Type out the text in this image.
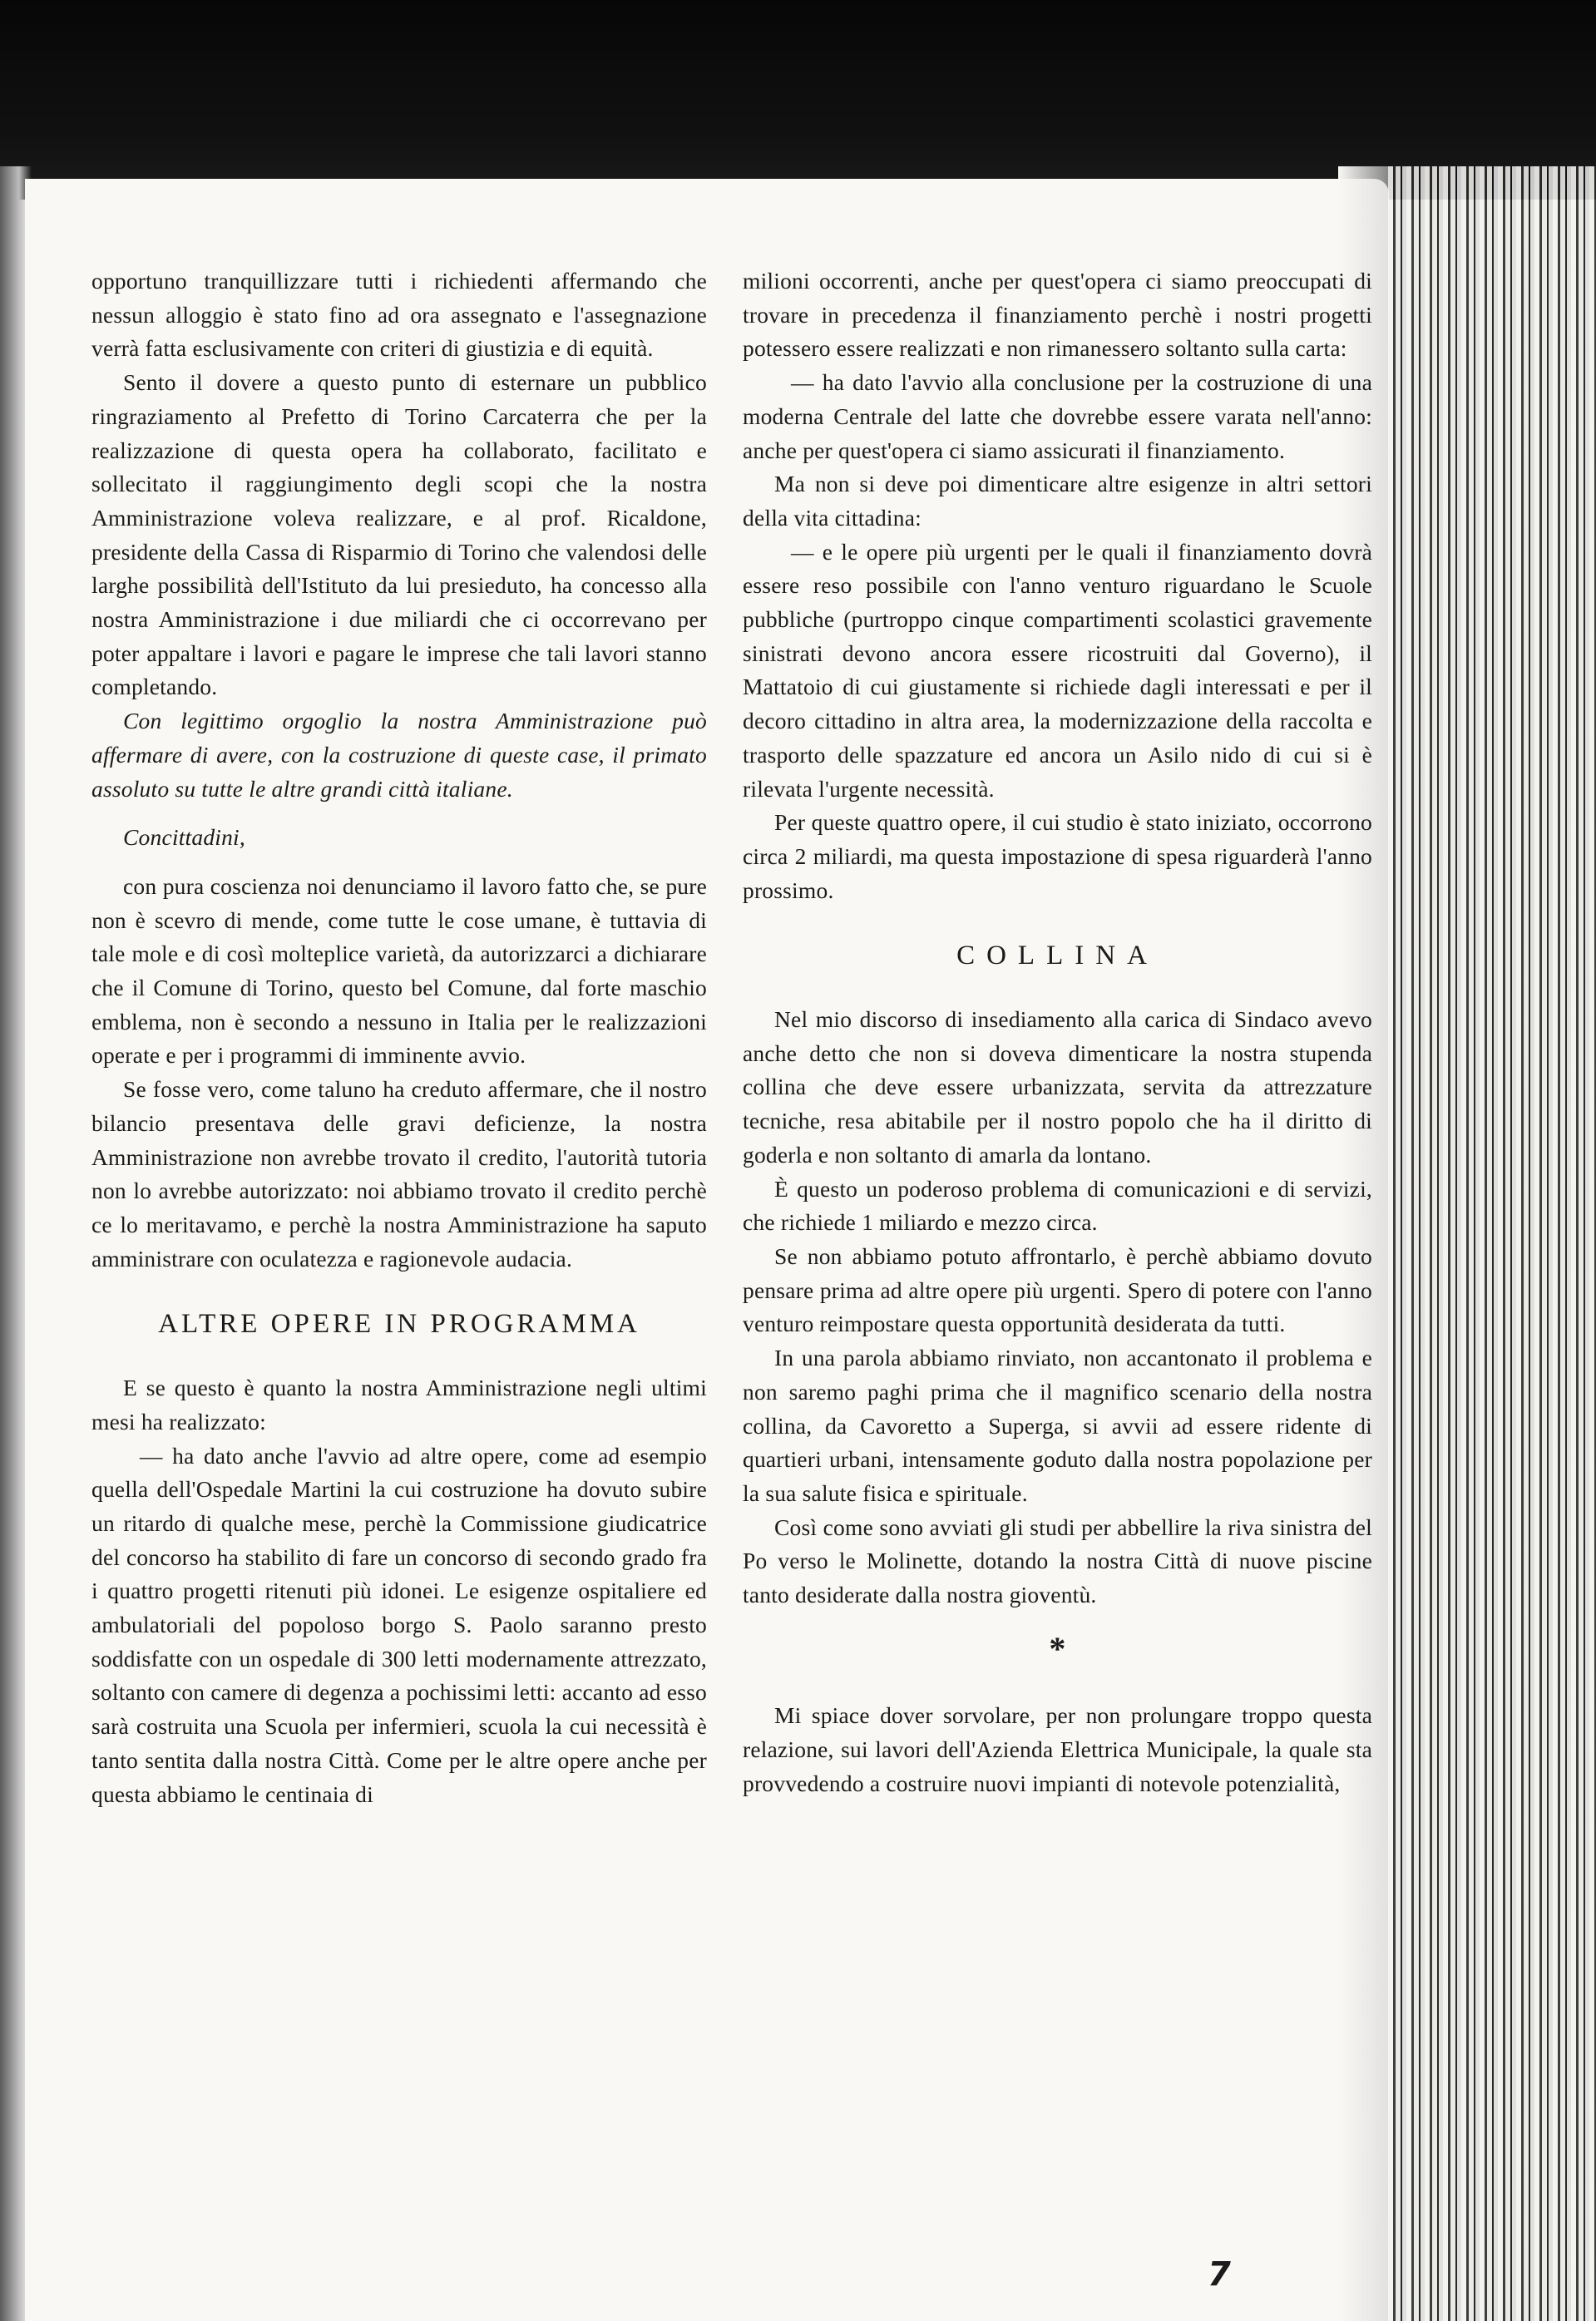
opportuno tranquillizzare tutti i richiedenti affermando che nessun alloggio è stato fino ad ora assegnato e l'assegnazione verrà fatta esclusivamente con criteri di giustizia e di equità.

Sento il dovere a questo punto di esternare un pubblico ringraziamento al Prefetto di Torino Carcaterra che per la realizzazione di questa opera ha collaborato, facilitato e sollecitato il raggiungimento degli scopi che la nostra Amministrazione voleva realizzare, e al prof. Ricaldone, presidente della Cassa di Risparmio di Torino che valendosi delle larghe possibilità dell'Istituto da lui presieduto, ha concesso alla nostra Amministrazione i due miliardi che ci occorrevano per poter appaltare i lavori e pagare le imprese che tali lavori stanno completando.

Con legittimo orgoglio la nostra Amministrazione può affermare di avere, con la costruzione di queste case, il primato assoluto su tutte le altre grandi città italiane.

Concittadini,

con pura coscienza noi denunciamo il lavoro fatto che, se pure non è scevro di mende, come tutte le cose umane, è tuttavia di tale mole e di così molteplice varietà, da autorizzarci a dichiarare che il Comune di Torino, questo bel Comune, dal forte maschio emblema, non è secondo a nessuno in Italia per le realizzazioni operate e per i programmi di imminente avvio.

Se fosse vero, come taluno ha creduto affermare, che il nostro bilancio presentava delle gravi deficienze, la nostra Amministrazione non avrebbe trovato il credito, l'autorità tutoria non lo avrebbe autorizzato: noi abbiamo trovato il credito perchè ce lo meritavamo, e perchè la nostra Amministrazione ha saputo amministrare con oculatezza e ragionevole audacia.

ALTRE OPERE IN PROGRAMMA

E se questo è quanto la nostra Amministrazione negli ultimi mesi ha realizzato:

— ha dato anche l'avvio ad altre opere, come ad esempio quella dell'Ospedale Martini la cui costruzione ha dovuto subire un ritardo di qualche mese, perchè la Commissione giudicatrice del concorso ha stabilito di fare un concorso di secondo grado fra i quattro progetti ritenuti più idonei. Le esigenze ospitaliere ed ambulatoriali del popoloso borgo S. Paolo saranno presto soddisfatte con un ospedale di 300 letti modernamente attrezzato, soltanto con camere di degenza a pochissimi letti: accanto ad esso sarà costruita una Scuola per infermieri, scuola la cui necessità è tanto sentita dalla nostra Città. Come per le altre opere anche per questa abbiamo le centinaia di

milioni occorrenti, anche per quest'opera ci siamo preoccupati di trovare in precedenza il finanziamento perchè i nostri progetti potessero essere realizzati e non rimanessero soltanto sulla carta:

— ha dato l'avvio alla conclusione per la costruzione di una moderna Centrale del latte che dovrebbe essere varata nell'anno: anche per quest'opera ci siamo assicurati il finanziamento.

Ma non si deve poi dimenticare altre esigenze in altri settori della vita cittadina:

— e le opere più urgenti per le quali il finanziamento dovrà essere reso possibile con l'anno venturo riguardano le Scuole pubbliche (purtroppo cinque compartimenti scolastici gravemente sinistrati devono ancora essere ricostruiti dal Governo), il Mattatoio di cui giustamente si richiede dagli interessati e per il decoro cittadino in altra area, la modernizzazione della raccolta e trasporto delle spazzature ed ancora un Asilo nido di cui si è rilevata l'urgente necessità.

Per queste quattro opere, il cui studio è stato iniziato, occorrono circa 2 miliardi, ma questa impostazione di spesa riguarderà l'anno prossimo.

COLLINA

Nel mio discorso di insediamento alla carica di Sindaco avevo anche detto che non si doveva dimenticare la nostra stupenda collina che deve essere urbanizzata, servita da attrezzature tecniche, resa abitabile per il nostro popolo che ha il diritto di goderla e non soltanto di amarla da lontano.

È questo un poderoso problema di comunicazioni e di servizi, che richiede 1 miliardo e mezzo circa.

Se non abbiamo potuto affrontarlo, è perchè abbiamo dovuto pensare prima ad altre opere più urgenti. Spero di potere con l'anno venturo reimpostare questa opportunità desiderata da tutti.

In una parola abbiamo rinviato, non accantonato il problema e non saremo paghi prima che il magnifico scenario della nostra collina, da Cavoretto a Superga, si avvii ad essere ridente di quartieri urbani, intensamente goduto dalla nostra popolazione per la sua salute fisica e spirituale.

Così come sono avviati gli studi per abbellire la riva sinistra del Po verso le Molinette, dotando la nostra Città di nuove piscine tanto desiderate dalla nostra gioventù.

*

Mi spiace dover sorvolare, per non prolungare troppo questa relazione, sui lavori dell'Azienda Elettrica Municipale, la quale sta provvedendo a costruire nuovi impianti di notevole potenzialità,

7
